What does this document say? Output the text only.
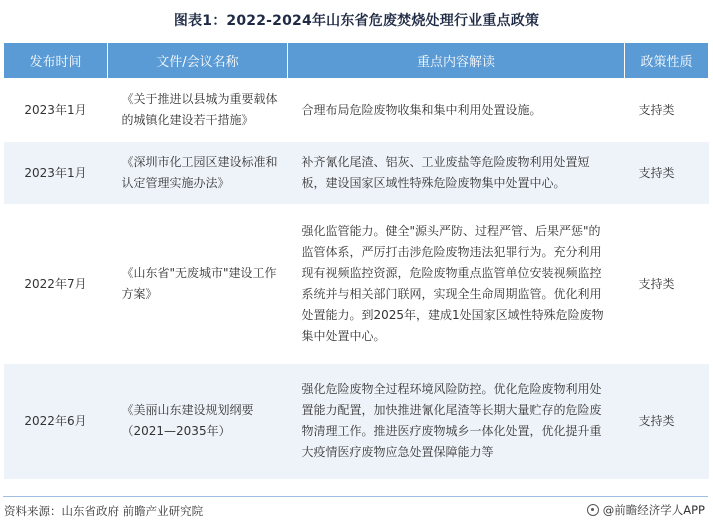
图表1：2022-2024年山东省危废焚烧处理行业重点政策
发布时间	文件/会议名称	重点内容解读	政策性质
2023年1月	《关于推进以县城为重要载体的城镇化建设若干措施》	合理布局危险废物收集和集中利用处置设施。	支持类
2023年1月	《深圳市化工园区建设标准和认定管理实施办法》	补齐氰化尾渣、铝灰、工业废盐等危险废物利用处置短板，建设国家区域性特殊危险废物集中处置中心。	支持类
2022年7月	《山东省"无废城市"建设工作方案》	强化监管能力。健全"源头严防、过程严管、后果严惩"的监管体系，严厉打击涉危险废物违法犯罪行为。充分利用现有视频监控资源，危险废物重点监管单位安装视频监控系统并与相关部门联网，实现全生命周期监管。优化利用处置能力。到2025年，建成1处国家区域性特殊危险废物集中处置中心。	支持类
2022年6月	《美丽山东建设规划纲要（2021—2035年）	强化危险废物全过程环境风险防控。优化危险废物利用处置能力配置，加快推进氰化尾渣等长期大量贮存的危险废物清理工作。推进医疗废物城乡一体化处置，优化提升重大疫情医疗废物应急处置保障能力等	支持类
资料来源：山东省政府 前瞻产业研究院	@前瞻经济学人APP
